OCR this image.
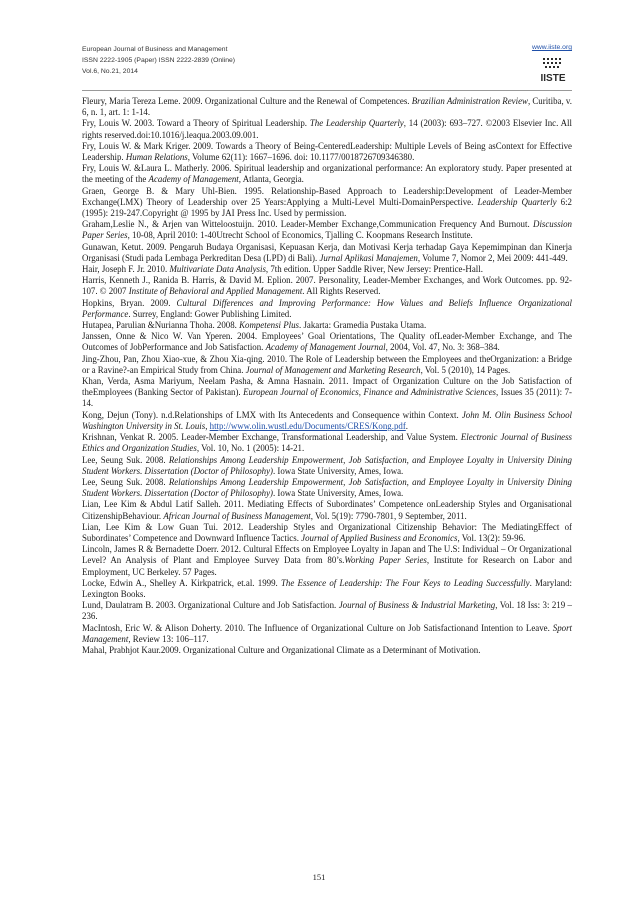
European Journal of Business and Management
ISSN 2222-1905 (Paper) ISSN 2222-2839 (Online)
Vol.6, No.21, 2014
www.iiste.org
IISTE

Fleury, Maria Tereza Leme. 2009. Organizational Culture and the Renewal of Competences. Brazilian Administration Review, Curitiba, v. 6, n. 1, art. 1: 1-14.

Fry, Louis W. 2003. Toward a Theory of Spiritual Leadership. The Leadership Quarterly, 14 (2003): 693–727. ©2003 Elsevier Inc. All rights reserved.doi:10.1016/j.leaqua.2003.09.001.

Fry, Louis W. & Mark Kriger. 2009. Towards a Theory of Being-CenteredLeadership: Multiple Levels of Being asContext for Effective Leadership. Human Relations, Volume 62(11): 1667–1696. doi: 10.1177/0018726709346380.

Fry, Louis W. &Laura L. Matherly. 2006. Spiritual leadership and organizational performance: An exploratory study. Paper presented at the meeting of the Academy of Management, Atlanta, Georgia.

Graen, George B. & Mary Uhl-Bien. 1995. Relationship-Based Approach to Leadership:Development of Leader-Member Exchange(LMX) Theory of Leadership over 25 Years:Applying a Multi-Level Multi-DomainPerspective. Leadership Quarterly 6:2 (1995): 219-247.Copyright @ 1995 by JAI Press Inc. Used by permission.

Graham,Leslie N., & Arjen van Witteloostuijn. 2010. Leader-Member Exchange,Communication Frequency And Burnout. Discussion Paper Series, 10-08, April 2010: 1-40Utrecht School of Economics, Tjalling C. Koopmans Research Institute.

Gunawan, Ketut. 2009. Pengaruh Budaya Organisasi, Kepuasan Kerja, dan Motivasi Kerja terhadap Gaya Kepemimpinan dan Kinerja Organisasi (Studi pada Lembaga Perkreditan Desa (LPD) di Bali). Jurnal Aplikasi Manajemen, Volume 7, Nomor 2, Mei 2009: 441-449.

Hair, Joseph F. Jr. 2010. Multivariate Data Analysis, 7th edition. Upper Saddle River, New Jersey: Prentice-Hall.

Harris, Kenneth J., Ranida B. Harris, & David M. Eplion. 2007. Personality, Leader-Member Exchanges, and Work Outcomes. pp. 92-107. © 2007 Institute of Behavioral and Applied Management. All Rights Reserved.

Hopkins, Bryan. 2009. Cultural Differences and Improving Performance: How Values and Beliefs Influence Organizational Performance. Surrey, England: Gower Publishing Limited.

Hutapea, Parulian &Nurianna Thoha. 2008. Kompetensi Plus. Jakarta: Gramedia Pustaka Utama.

Janssen, Onne & Nico W. Van Yperen. 2004. Employees’ Goal Orientations, The Quality ofLeader-Member Exchange, and The Outcomes of JobPerformance and Job Satisfaction. Academy of Management Journal, 2004, Vol. 47, No. 3: 368–384.

Jing-Zhou, Pan, Zhou Xiao-xue, & Zhou Xia-qing. 2010. The Role of Leadership between the Employees and theOrganization: a Bridge or a Ravine?-an Empirical Study from China. Journal of Management and Marketing Research, Vol. 5 (2010), 14 Pages.

Khan, Verda, Asma Mariyum, Neelam Pasha, & Amna Hasnain. 2011. Impact of Organization Culture on the Job Satisfaction of theEmployees (Banking Sector of Pakistan). European Journal of Economics, Finance and Administrative Sciences, Issues 35 (2011): 7-14.

Kong, Dejun (Tony). n.d.Relationships of LMX with Its Antecedents and Consequence within Context. John M. Olin Business School Washington University in St. Louis, http://www.olin.wustl.edu/Documents/CRES/Kong.pdf.

Krishnan, Venkat R. 2005. Leader-Member Exchange, Transformational Leadership, and Value System. Electronic Journal of Business Ethics and Organization Studies, Vol. 10, No. 1 (2005): 14-21.

Lee, Seung Suk. 2008. Relationships Among Leadership Empowerment, Job Satisfaction, and Employee Loyalty in University Dining Student Workers. Dissertation (Doctor of Philosophy). Iowa State University, Ames, Iowa.

Lee, Seung Suk. 2008. Relationships Among Leadership Empowerment, Job Satisfaction, and Employee Loyalty in University Dining Student Workers. Dissertation (Doctor of Philosophy). Iowa State University, Ames, Iowa.

Lian, Lee Kim & Abdul Latif Salleh. 2011. Mediating Effects of Subordinates’ Competence onLeadership Styles and Organisational CitizenshipBehaviour. African Journal of Business Management, Vol. 5(19): 7790-7801, 9 September, 2011.

Lian, Lee Kim & Low Guan Tui. 2012. Leadership Styles and Organizational Citizenship Behavior: The MediatingEffect of Subordinates’ Competence and Downward Influence Tactics. Journal of Applied Business and Economics, Vol. 13(2): 59-96.

Lincoln, James R & Bernadette Doerr. 2012. Cultural Effects on Employee Loyalty in Japan and The U.S: Individual – Or Organizational Level? An Analysis of Plant and Employee Survey Data from 80’s.Working Paper Series, Institute for Research on Labor and Employment, UC Berkeley. 57 Pages.

Locke, Edwin A., Shelley A. Kirkpatrick, et.al. 1999. The Essence of Leadership: The Four Keys to Leading Successfully. Maryland: Lexington Books.

Lund, Daulatram B. 2003. Organizational Culture and Job Satisfaction. Journal of Business & Industrial Marketing, Vol. 18 Iss: 3: 219 – 236.

MacIntosh, Eric W. & Alison Doherty. 2010. The Influence of Organizational Culture on Job Satisfactionand Intention to Leave. Sport Management, Review 13: 106–117.

Mahal, Prabhjot Kaur.2009. Organizational Culture and Organizational Climate as a Determinant of Motivation.

151
